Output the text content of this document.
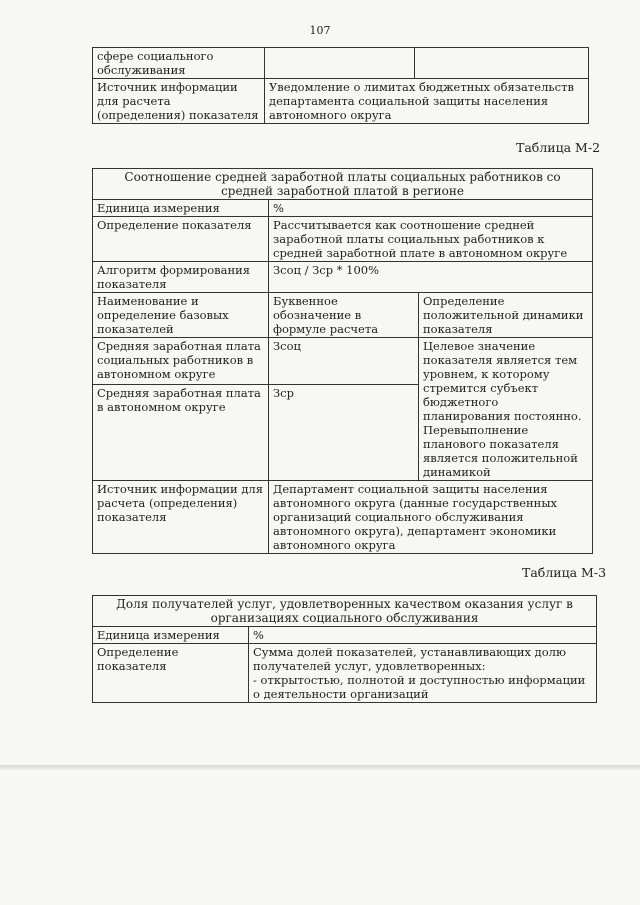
107
сфере социального обслуживания		
Источник информации для расчета (определения) показателя	Уведомление о лимитах бюджетных обязательств департамента социальной защиты населения автономного округа	
Таблица М-2
Соотношение средней заработной платы социальных работников со средней заработной платой в регионе		
Единица измерения	%	
Определение показателя	Рассчитывается как соотношение средней заработной платы социальных работников к средней заработной плате в автономном округе	
Алгоритм формирования показателя	Зсоц / Зср * 100%	
Наименование и определение базовых показателей	Буквенное обозначение в формуле расчета	Определение положительной динамики показателя
Средняя заработная плата социальных работников в автономном округе	Зсоц	Целевое значение показателя является тем уровнем, к которому стремится субъект бюджетного планирования постоянно. Перевыполнение планового показателя является положительной динамикой
Средняя заработная плата в автономном округе	Зср	
Источник информации для расчета (определения) показателя	Департамент социальной защиты населения автономного округа (данные государственных организаций социального обслуживания автономного округа), департамент экономики автономного округа	
Таблица М-3
Доля получателей услуг, удовлетворенных качеством оказания услуг в организациях социального обслуживания	
Единица измерения	%
Определение показателя	Сумма долей показателей, устанавливающих долю получателей услуг, удовлетворенных:
- открытостью, полнотой и доступностью информации о деятельности организаций
